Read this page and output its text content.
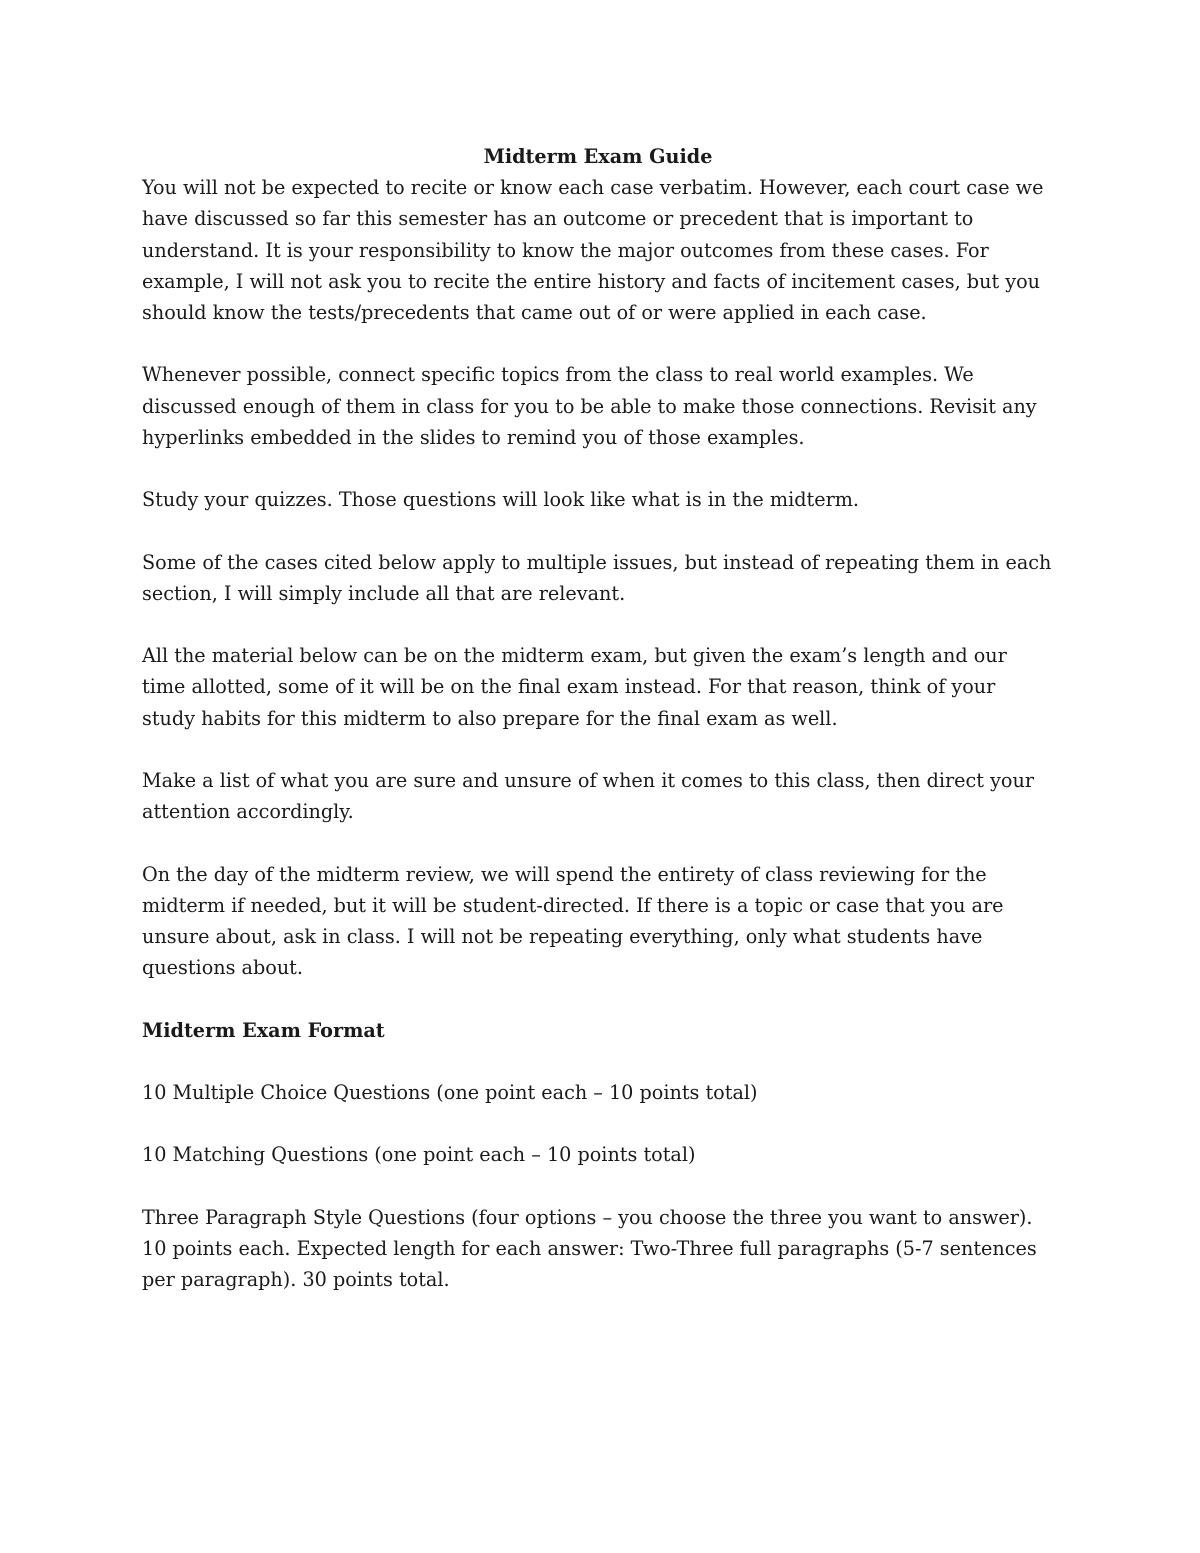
Midterm Exam Guide

You will not be expected to recite or know each case verbatim. However, each court case we have discussed so far this semester has an outcome or precedent that is important to understand. It is your responsibility to know the major outcomes from these cases. For example, I will not ask you to recite the entire history and facts of incitement cases, but you should know the tests/precedents that came out of or were applied in each case.

Whenever possible, connect specific topics from the class to real world examples. We discussed enough of them in class for you to be able to make those connections. Revisit any hyperlinks embedded in the slides to remind you of those examples.

Study your quizzes. Those questions will look like what is in the midterm.

Some of the cases cited below apply to multiple issues, but instead of repeating them in each section, I will simply include all that are relevant.

All the material below can be on the midterm exam, but given the exam’s length and our time allotted, some of it will be on the final exam instead. For that reason, think of your study habits for this midterm to also prepare for the final exam as well.

Make a list of what you are sure and unsure of when it comes to this class, then direct your attention accordingly.

On the day of the midterm review, we will spend the entirety of class reviewing for the midterm if needed, but it will be student-directed. If there is a topic or case that you are unsure about, ask in class. I will not be repeating everything, only what students have questions about.

Midterm Exam Format

10 Multiple Choice Questions (one point each – 10 points total)

10 Matching Questions (one point each – 10 points total)

Three Paragraph Style Questions (four options – you choose the three you want to answer). 10 points each. Expected length for each answer: Two-Three full paragraphs (5-7 sentences per paragraph). 30 points total.
